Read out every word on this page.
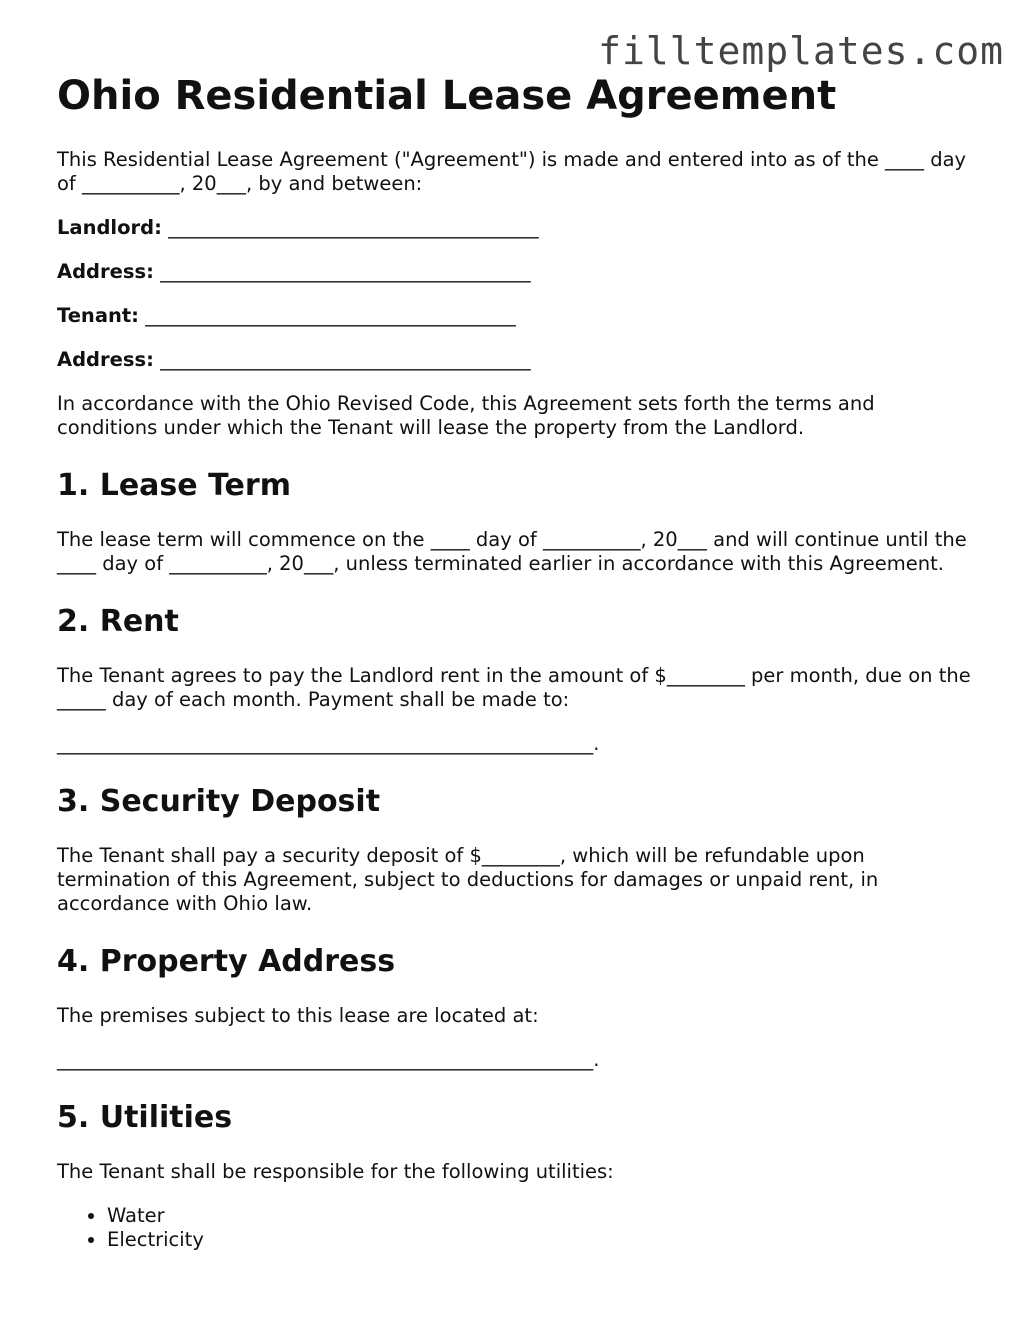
filltemplates.com
Ohio Residential Lease Agreement

This Residential Lease Agreement ("Agreement") is made and entered into as of the ____ day of __________, 20___, by and between:

Landlord: ______________________________________
Address: ______________________________________
Tenant: ______________________________________
Address: ______________________________________

In accordance with the Ohio Revised Code, this Agreement sets forth the terms and conditions under which the Tenant will lease the property from the Landlord.

1. Lease Term

The lease term will commence on the ____ day of __________, 20___ and will continue until the ____ day of __________, 20___, unless terminated earlier in accordance with this Agreement.

2. Rent

The Tenant agrees to pay the Landlord rent in the amount of $________ per month, due on the _____ day of each month. Payment shall be made to:

_______________________________________________________.

3. Security Deposit

The Tenant shall pay a security deposit of $________, which will be refundable upon termination of this Agreement, subject to deductions for damages or unpaid rent, in accordance with Ohio law.

4. Property Address

The premises subject to this lease are located at:

_______________________________________________________.

5. Utilities

The Tenant shall be responsible for the following utilities:

• Water
• Electricity
